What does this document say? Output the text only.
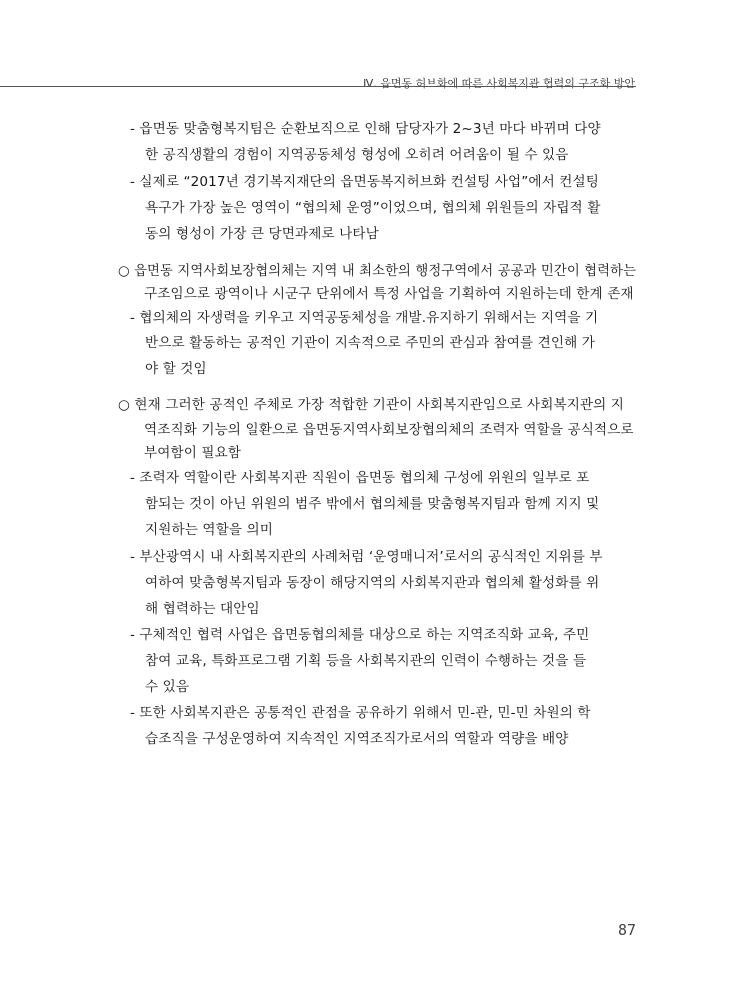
Ⅳ. 읍면동 허브화에 따른 사회복지관 협력의 구조화 방안
- 읍면동 맞춤형복지팀은 순환보직으로 인해 담당자가 2~3년 마다 바뀌며 다양
한 공직생활의 경험이 지역공동체성 형성에 오히려 어려움이 될 수 있음
- 실제로 “2017년 경기복지재단의 읍면동복지허브화 컨설팅 사업”에서 컨설팅
욕구가 가장 높은 영역이 “협의체 운영”이었으며, 협의체 위원들의 자립적 활
동의 형성이 가장 큰 당면과제로 나타남
○ 읍면동 지역사회보장협의체는 지역 내 최소한의 행정구역에서 공공과 민간이 협력하는
구조임으로 광역이나 시군구 단위에서 특정 사업을 기획하여 지원하는데 한계 존재
- 협의체의 자생력을 키우고 지역공동체성을 개발.유지하기 위해서는 지역을 기
반으로 활동하는 공적인 기관이 지속적으로 주민의 관심과 참여를 견인해 가
야 할 것임
○ 현재 그러한 공적인 주체로 가장 적합한 기관이 사회복지관임으로 사회복지관의 지
역조직화 기능의 일환으로 읍면동지역사회보장협의체의 조력자 역할을 공식적으로
부여함이 필요함
- 조력자 역할이란 사회복지관 직원이 읍면동 협의체 구성에 위원의 일부로 포
함되는 것이 아닌 위원의 범주 밖에서 협의체를 맞춤형복지팀과 함께 지지 및
지원하는 역할을 의미
- 부산광역시 내 사회복지관의 사례처럼 ‘운영매니저’로서의 공식적인 지위를 부
여하여 맞춤형복지팀과 동장이 해당지역의 사회복지관과 협의체 활성화를 위
해 협력하는 대안임
- 구체적인 협력 사업은 읍면동협의체를 대상으로 하는 지역조직화 교육, 주민
참여 교육, 특화프로그램 기획 등을 사회복지관의 인력이 수행하는 것을 들
수 있음
- 또한 사회복지관은 공통적인 관점을 공유하기 위해서 민-관, 민-민 차원의 학
습조직을 구성운영하여 지속적인 지역조직가로서의 역할과 역량을 배양
87
